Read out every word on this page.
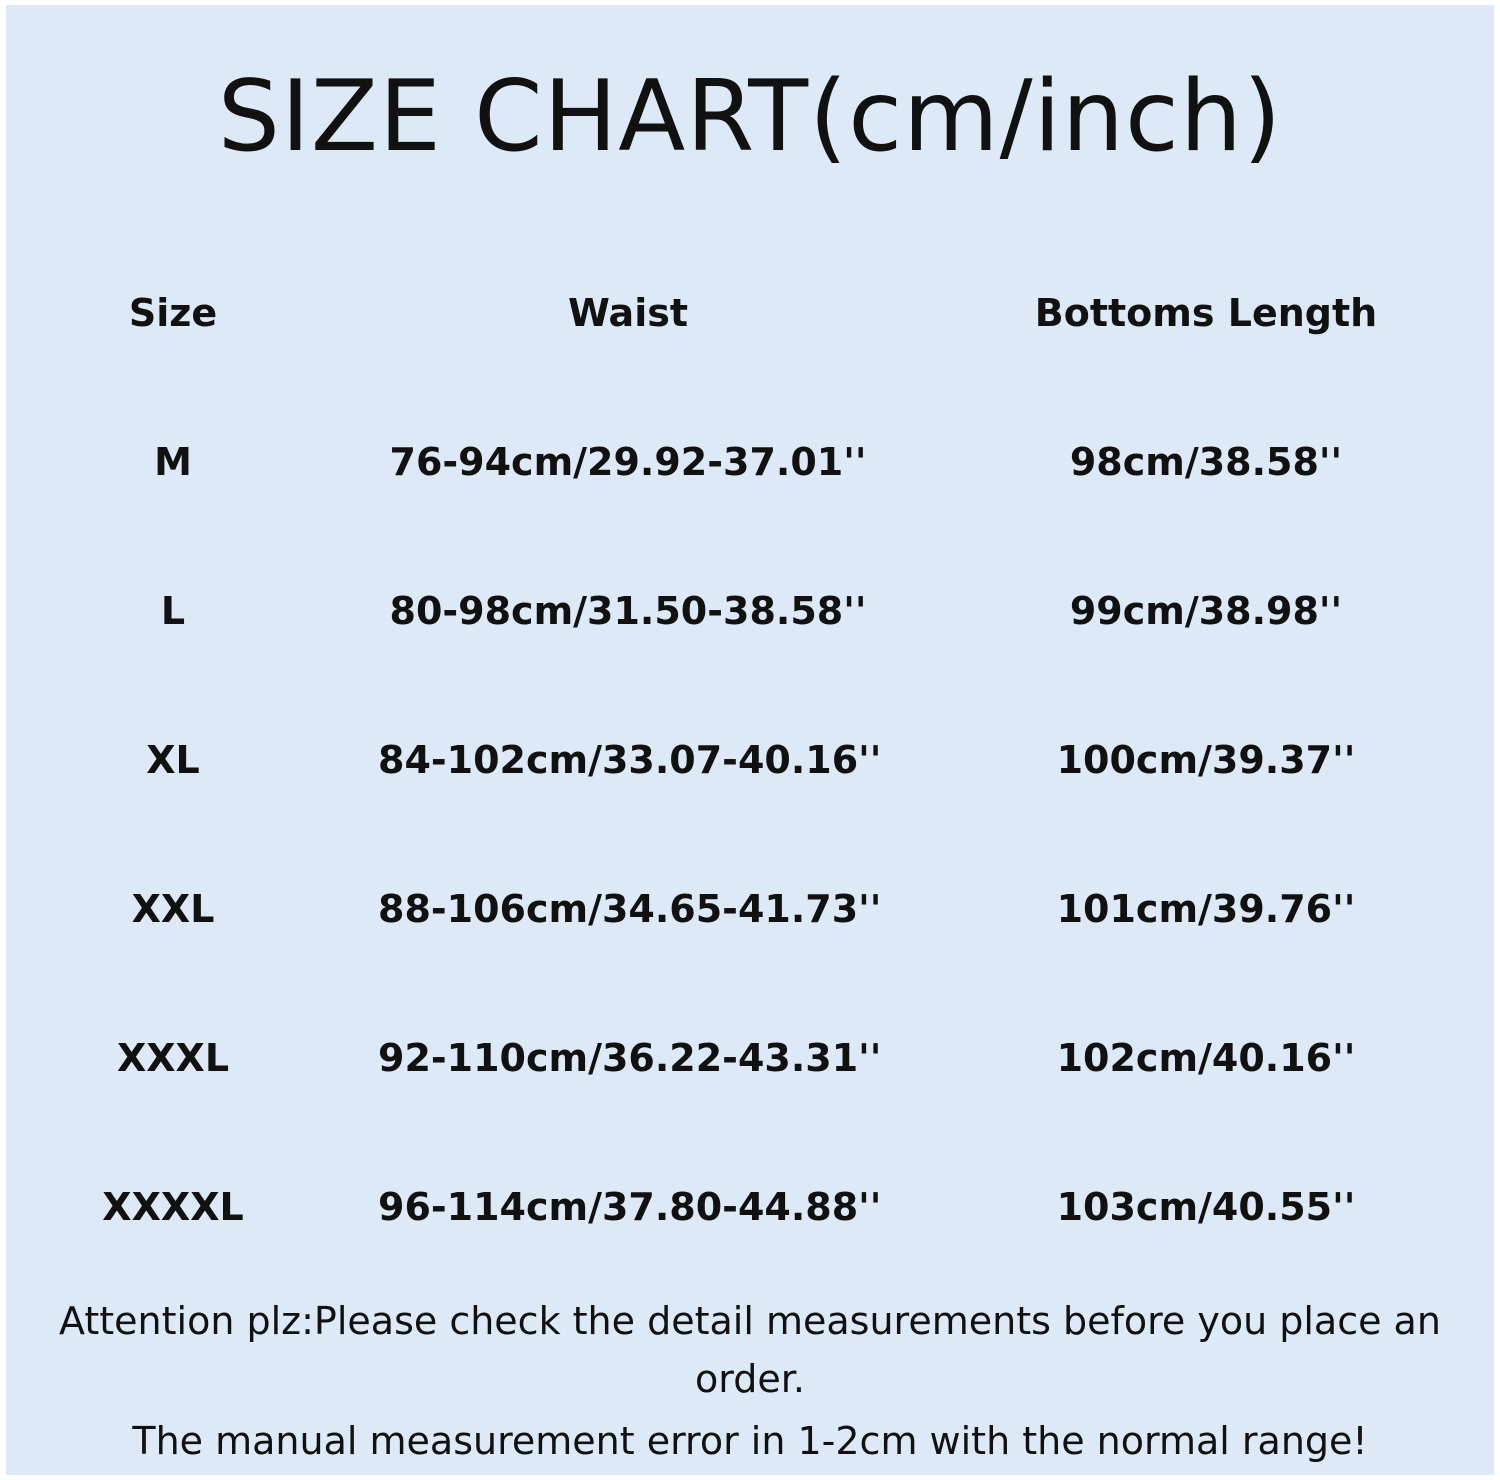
SIZE CHART(cm/inch)
Size	Waist	Bottoms Length
M	76-94cm/29.92-37.01''	98cm/38.58''
L	80-98cm/31.50-38.58''	99cm/38.98''
XL	84-102cm/33.07-40.16''	100cm/39.37''
XXL	88-106cm/34.65-41.73''	101cm/39.76''
XXXL	92-110cm/36.22-43.31''	102cm/40.16''
XXXXL	96-114cm/37.80-44.88''	103cm/40.55''
Attention plz:Please check the detail measurements before you place an order.
The manual measurement error in 1-2cm with the normal range!
